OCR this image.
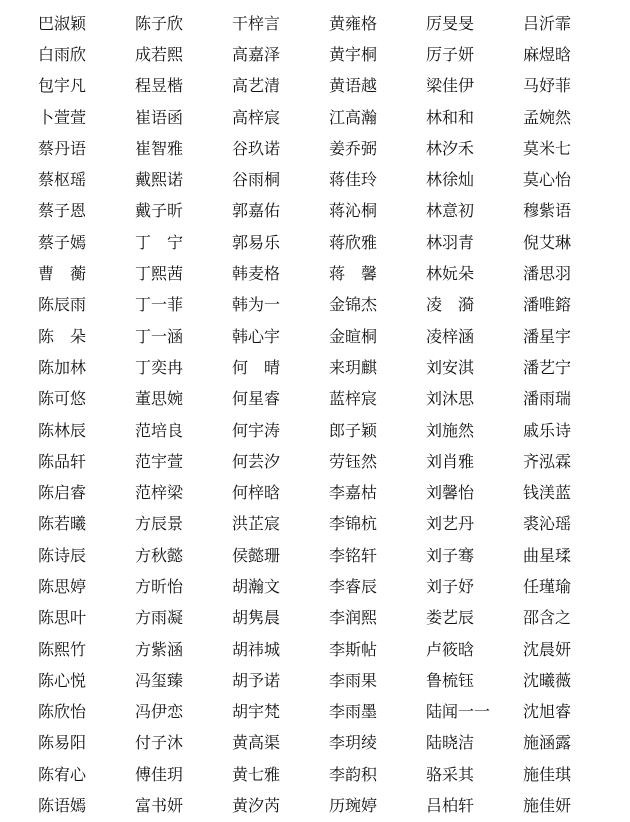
巴淑颖	陈子欣	干梓言	黄雍格	厉旻旻	吕沂霏
白雨欣	成若熙	高嘉泽	黄宇桐	厉子妍	麻煜晗
包宇凡	程昱楷	高艺清	黄语越	梁佳伊	马妤菲
卜萱萱	崔语函	高梓宸	江高瀚	林和和	孟婉然
蔡丹语	崔智雅	谷玖诺	姜乔弼	林汐禾	莫米七
蔡枢瑶	戴熙诺	谷雨桐	蒋佳玲	林徐灿	莫心怡
蔡子恩	戴子昕	郭嘉佑	蒋沁桐	林意初	穆紫语
蔡子嫣	丁　宁	郭易乐	蒋欣雅	林羽青	倪艾琳
曹　蘅	丁熙茜	韩麦格	蒋　馨	林妧朵	潘思羽
陈辰雨	丁一菲	韩为一	金锦杰	凌　漪	潘唯鎔
陈　朵	丁一涵	韩心宇	金暄桐	凌梓涵	潘星宇
陈加林	丁奕冉	何　晴	来玥麒	刘安淇	潘艺宁
陈可悠	董思婉	何星睿	蓝梓宸	刘沐思	潘雨瑞
陈林辰	范培良	何宇涛	郎子颖	刘施然	戚乐诗
陈品轩	范宇萱	何芸汐	劳钰然	刘肖雅	齐泓霖
陈启睿	范梓梁	何梓晗	李嘉枯	刘馨怡	钱渼蓝
陈若曦	方辰景	洪芷宸	李锦杭	刘艺丹	裘沁瑶
陈诗辰	方秋懿	侯懿珊	李铭轩	刘子骞	曲星瑈
陈思婷	方昕怡	胡瀚文	李睿辰	刘子妤	任瑾瑜
陈思叶	方雨凝	胡隽晨	李润熙	娄艺辰	邵含之
陈熙竹	方紫涵	胡祎城	李斯帖	卢筱晗	沈晨妍
陈心悦	冯玺臻	胡予诺	李雨果	鲁梳钰	沈曦薇
陈欣怡	冯伊恋	胡宇梵	李雨墨	陆闻一一	沈旭睿
陈易阳	付子沐	黄高渠	李玥绫	陆晓洁	施涵露
陈宥心	傅佳玥	黄七雅	李韵积	骆采其	施佳琪
陈语嫣	富书妍	黄汐芮	历琬婷	吕柏轩	施佳妍
